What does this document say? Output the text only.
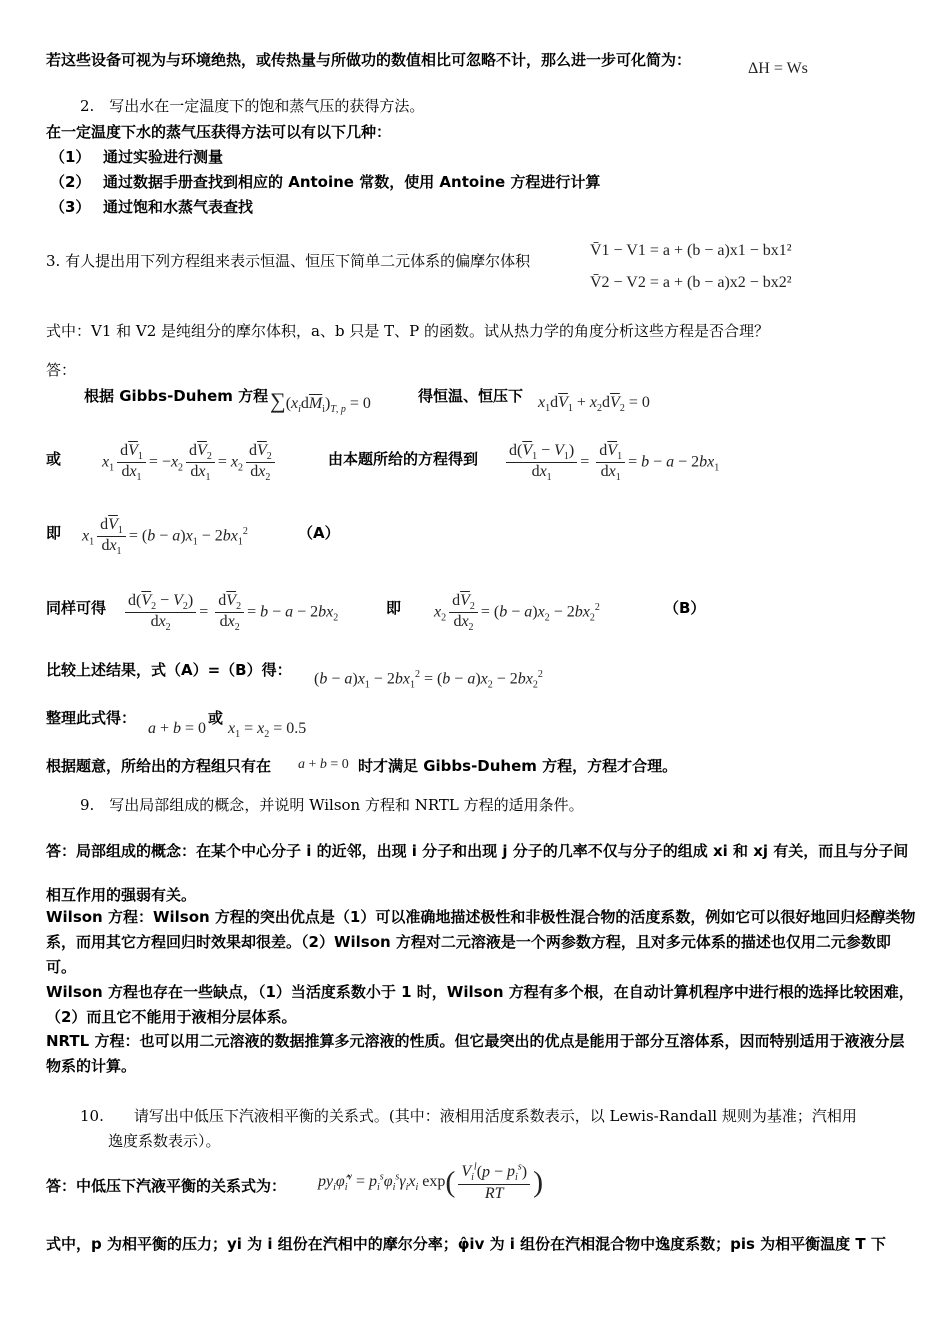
若这些设备可视为与环境绝热，或传热量与所做功的数值相比可忽略不计，那么进一步可化简为：	ΔH = Ws
2.　写出水在一定温度下的饱和蒸气压的获得方法。
在一定温度下水的蒸气压获得方法可以有以下几种：
（1） 通过实验进行测量
（2） 通过数据手册查找到相应的 Antoine 常数，使用 Antoine 方程进行计算
（3） 通过饱和水蒸气表查找
3. 有人提出用下列方程组来表示恒温、恒压下简单二元体系的偏摩尔体积
V̄1 − V1 = a + (b − a)x1 − bx1²
V̄2 − V2 = a + (b − a)x2 − bx2²
式中：V1 和 V2 是纯组分的摩尔体积，a、b 只是 T、P 的函数。试从热力学的角度分析这些方程是否合理？
答：
根据 Gibbs-Duhem 方程 $\sum(x_id\overline{M}_i)_{T, p} = 0$	得恒温、恒压下 $x_1d\overline{V}_1 + x_2d\overline{V}_2 = 0$
或	$x_1 \frac{d\overline{V}_1}{dx_1} = -x_2 \frac{d\overline{V}_2}{dx_1} = x_2 \frac{d\overline{V}_2}{dx_2}$	由本题所给的方程得到 $\frac{d(\overline{V}_1 - V_1)}{dx_1} = \frac{d\overline{V}_1}{dx_1} = b - a - 2bx_1$
即 $x_1 \frac{d\overline{V}_1}{dx_1} = (b - a)x_1 - 2bx_1^2$	（A）
同样可得 $\frac{d(\overline{V}_2 - V_2)}{dx_2} = \frac{d\overline{V}_2}{dx_2} = b - a - 2bx_2$
即 $x_2 \frac{d\overline{V}_2}{dx_2} = (b - a)x_2 - 2bx_2^2$	（B）
比较上述结果，式（A）=（B）得： $(b - a)x_1 - 2bx_1^2 = (b - a)x_2 - 2bx_2^2$
整理此式得：
a + b = 0
或
$x_1 = x_2 = 0.5$
根据题意，所给出的方程组只有在 a + b = 0 时才满足 Gibbs-Duhem 方程，方程才合理。
9.　写出局部组成的概念，并说明 Wilson 方程和 NRTL 方程的适用条件。
答：局部组成的概念：在某个中心分子 i 的近邻，出现 i 分子和出现 j 分子的几率不仅与分子的组成 xi 和 xj 有关，而且与分子间相互作用的强弱有关。
Wilson 方程：Wilson 方程的突出优点是（1）可以准确地描述极性和非极性混合物的活度系数，例如它可以很好地回归烃醇类物系，而用其它方程回归时效果却很差。（2）Wilson 方程对二元溶液是一个两参数方程，且对多元体系的描述也仅用二元参数即可。
Wilson 方程也存在一些缺点，（1）当活度系数小于 1 时，Wilson 方程有多个根，在自动计算机程序中进行根的选择比较困难，（2）而且它不能用于液相分层体系。
NRTL 方程：也可以用二元溶液的数据推算多元溶液的性质。但它最突出的优点是能用于部分互溶体系，因而特别适用于液液分层物系的计算。
10.　　请写出中低压下汽液相平衡的关系式。(其中：液相用活度系数表示，以 Lewis-Randall 规则为基准；汽相用
逸度系数表示）。
答：中低压下汽液平衡的关系式为： $py_i\varphî_i^v = p_i^s\varphi_i^s\gamma_ix_i$ $\exp( \frac{V_i^l(p - p_i^s)}{RT}$ )
式中，p 为相平衡的压力；yi 为 i 组份在汽相中的摩尔分率；φ̂iv 为 i 组份在汽相混合物中逸度系数；pis 为相平衡温度 T 下
